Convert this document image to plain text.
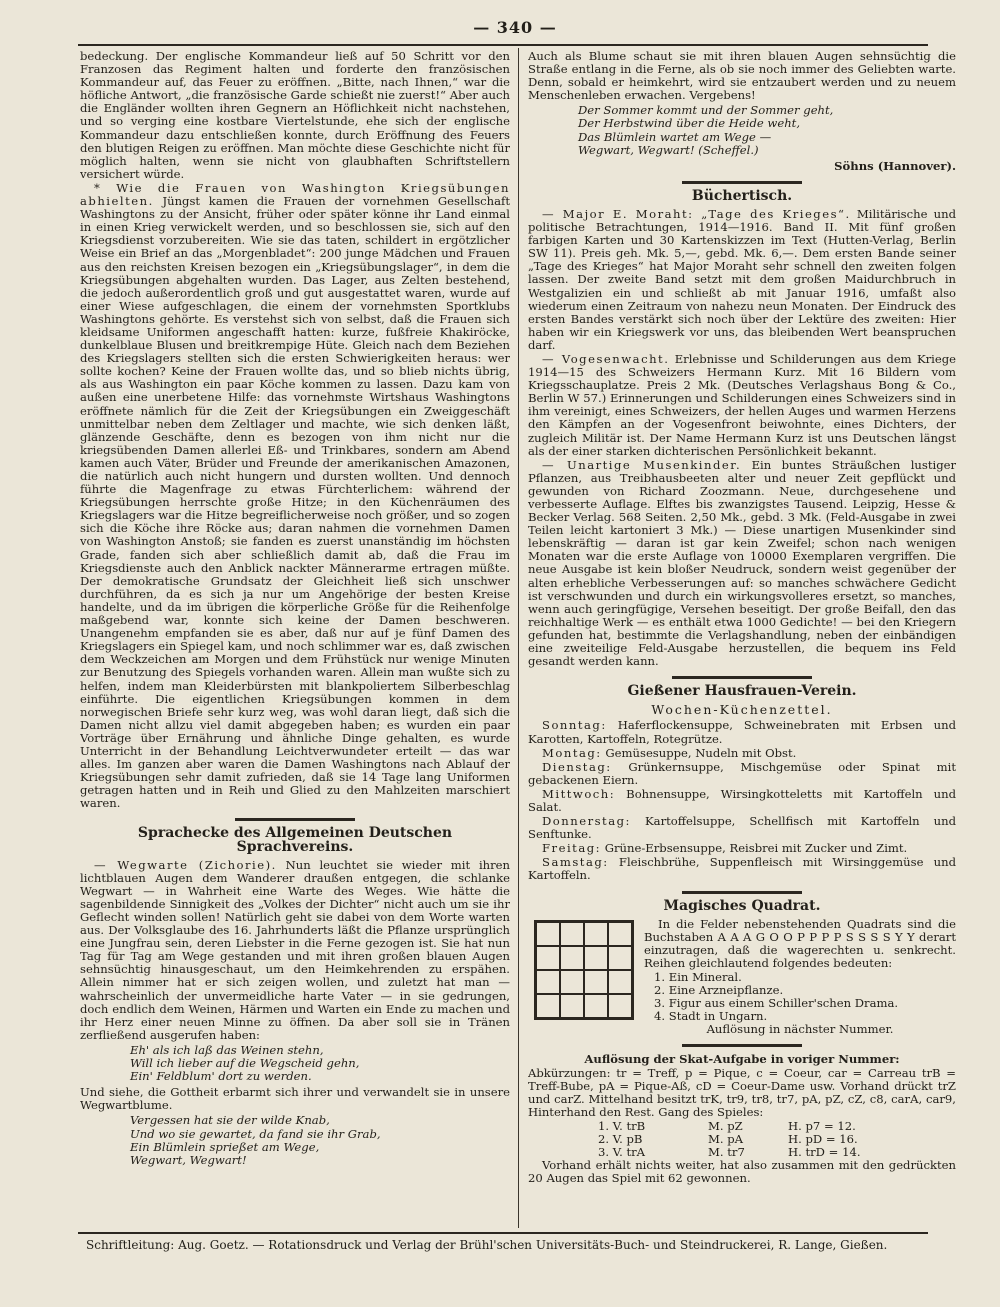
— 340 —

bedeckung. Der englische Kommandeur ließ auf 50 Schritt vor den Franzosen das Regiment halten und forderte den französischen Kommandeur auf, das Feuer zu eröffnen. „Bitte, nach Ihnen,“ war die höfliche Antwort, „die französische Garde schießt nie zuerst!“ Aber auch die Engländer wollten ihren Gegnern an Höflichkeit nicht nachstehen, und so verging eine kostbare Viertelstunde, ehe sich der englische Kommandeur dazu entschließen konnte, durch Eröffnung des Feuers den blutigen Reigen zu eröffnen. Man möchte diese Geschichte nicht für möglich halten, wenn sie nicht von glaubhaften Schriftstellern versichert würde.

* Wie die Frauen von Washington Kriegsübungen abhielten. Jüngst kamen die Frauen der vornehmen Gesellschaft Washingtons zu der Ansicht, früher oder später könne ihr Land einmal in einen Krieg verwickelt werden, und so beschlossen sie, sich auf den Kriegsdienst vorzubereiten. Wie sie das taten, schildert in ergötzlicher Weise ein Brief an das „Morgenbladet“: 200 junge Mädchen und Frauen aus den reichsten Kreisen bezogen ein „Kriegsübungslager“, in dem die Kriegsübungen abgehalten wurden. Das Lager, aus Zelten bestehend, die jedoch außerordentlich groß und gut ausgestattet waren, wurde auf einer Wiese aufgeschlagen, die einem der vornehmsten Sportklubs Washingtons gehörte. Es verstehst sich von selbst, daß die Frauen sich kleidsame Uniformen angeschafft hatten: kurze, fußfreie Khakiröcke, dunkelblaue Blusen und breitkrempige Hüte. Gleich nach dem Beziehen des Kriegslagers stellten sich die ersten Schwierigkeiten heraus: wer sollte kochen? Keine der Frauen wollte das, und so blieb nichts übrig, als aus Washington ein paar Köche kommen zu lassen. Dazu kam von außen eine unerbetene Hilfe: das vornehmste Wirtshaus Washingtons eröffnete nämlich für die Zeit der Kriegsübungen ein Zweiggeschäft unmittelbar neben dem Zeltlager und machte, wie sich denken läßt, glänzende Geschäfte, denn es bezogen von ihm nicht nur die kriegsübenden Damen allerlei Eß- und Trinkbares, sondern am Abend kamen auch Väter, Brüder und Freunde der amerikanischen Amazonen, die natürlich auch nicht hungern und dursten wollten. Und dennoch führte die Magenfrage zu etwas Fürchterlichem: während der Kriegsübungen herrschte große Hitze; in den Küchenräumen des Kriegslagers war die Hitze begreiflicherweise noch größer, und so zogen sich die Köche ihre Röcke aus; daran nahmen die vornehmen Damen von Washington Anstoß; sie fanden es zuerst unanständig im höchsten Grade, fanden sich aber schließlich damit ab, daß die Frau im Kriegsdienste auch den Anblick nackter Männerarme ertragen müßte. Der demokratische Grundsatz der Gleichheit ließ sich unschwer durchführen, da es sich ja nur um Angehörige der besten Kreise handelte, und da im übrigen die körperliche Größe für die Reihenfolge maßgebend war, konnte sich keine der Damen beschweren. Unangenehm empfanden sie es aber, daß nur auf je fünf Damen des Kriegslagers ein Spiegel kam, und noch schlimmer war es, daß zwischen dem Weckzeichen am Morgen und dem Frühstück nur wenige Minuten zur Benutzung des Spiegels vorhanden waren. Allein man wußte sich zu helfen, indem man Kleiderbürsten mit blankpoliertem Silberbeschlag einführte. Die eigentlichen Kriegsübungen kommen in dem norwegischen Briefe sehr kurz weg, was wohl daran liegt, daß sich die Damen nicht allzu viel damit abgegeben haben; es wurden ein paar Vorträge über Ernährung und ähnliche Dinge gehalten, es wurde Unterricht in der Behandlung Leichtverwundeter erteilt — das war alles. Im ganzen aber waren die Damen Washingtons nach Ablauf der Kriegsübungen sehr damit zufrieden, daß sie 14 Tage lang Uniformen getragen hatten und in Reih und Glied zu den Mahlzeiten marschiert waren.

Sprachecke des Allgemeinen Deutschen Sprachvereins.

— Wegwarte (Zichorie). Nun leuchtet sie wieder mit ihren lichtblauen Augen dem Wanderer draußen entgegen, die schlanke Wegwart — in Wahrheit eine Warte des Weges. Wie hätte die sagenbildende Sinnigkeit des „Volkes der Dichter“ nicht auch um sie ihr Geflecht winden sollen! Natürlich geht sie dabei von dem Worte warten aus. Der Volksglaube des 16. Jahrhunderts läßt die Pflanze ursprünglich eine Jungfrau sein, deren Liebster in die Ferne gezogen ist. Sie hat nun Tag für Tag am Wege gestanden und mit ihren großen blauen Augen sehnsüchtig hinausgeschaut, um den Heimkehrenden zu erspähen. Allein nimmer hat er sich zeigen wollen, und zuletzt hat man — wahrscheinlich der unvermeidliche harte Vater — in sie gedrungen, doch endlich dem Weinen, Härmen und Warten ein Ende zu machen und ihr Herz einer neuen Minne zu öffnen. Da aber soll sie in Tränen zerfließend ausgerufen haben:

Eh' als ich laß das Weinen stehn,
Will ich lieber auf die Wegscheid gehn,
Ein' Feldblum' dort zu werden.

Und siehe, die Gottheit erbarmt sich ihrer und verwandelt sie in unsere Wegwartblume.

Vergessen hat sie der wilde Knab,
Und wo sie gewartet, da fand sie ihr Grab,
Ein Blümlein sprießet am Wege,
Wegwart, Wegwart!

Auch als Blume schaut sie mit ihren blauen Augen sehnsüchtig die Straße entlang in die Ferne, als ob sie noch immer des Geliebten warte. Denn, sobald er heimkehrt, wird sie entzaubert werden und zu neuem Menschenleben erwachen. Vergebens!

Der Sommer kommt und der Sommer geht,
Der Herbstwind über die Heide weht,
Das Blümlein wartet am Wege —
Wegwart, Wegwart! (Scheffel.)
Söhns (Hannover).
Büchertisch.

— Major E. Moraht: „Tage des Krieges“. Militärische und politische Betrachtungen, 1914—1916. Band II. Mit fünf großen farbigen Karten und 30 Kartenskizzen im Text (Hutten-Verlag, Berlin SW 11). Preis geh. Mk. 5,—, gebd. Mk. 6,—. Dem ersten Bande seiner „Tage des Krieges“ hat Major Moraht sehr schnell den zweiten folgen lassen. Der zweite Band setzt mit dem großen Maidurchbruch in Westgalizien ein und schließt ab mit Januar 1916, umfaßt also wiederum einen Zeitraum von nahezu neun Monaten. Der Eindruck des ersten Bandes verstärkt sich noch über der Lektüre des zweiten: Hier haben wir ein Kriegswerk vor uns, das bleibenden Wert beanspruchen darf.

— Vogesenwacht. Erlebnisse und Schilderungen aus dem Kriege 1914—15 des Schweizers Hermann Kurz. Mit 16 Bildern vom Kriegsschauplatze. Preis 2 Mk. (Deutsches Verlagshaus Bong & Co., Berlin W 57.) Erinnerungen und Schilderungen eines Schweizers sind in ihm vereinigt, eines Schweizers, der hellen Auges und warmen Herzens den Kämpfen an der Vogesenfront beiwohnte, eines Dichters, der zugleich Militär ist. Der Name Hermann Kurz ist uns Deutschen längst als der einer starken dichterischen Persönlichkeit bekannt.

— Unartige Musenkinder. Ein buntes Sträußchen lustiger Pflanzen, aus Treibhausbeeten alter und neuer Zeit gepflückt und gewunden von Richard Zoozmann. Neue, durchgesehene und verbesserte Auflage. Elftes bis zwanzigstes Tausend. Leipzig, Hesse & Becker Verlag. 568 Seiten. 2,50 Mk., gebd. 3 Mk. (Feld-Ausgabe in zwei Teilen leicht kartoniert 3 Mk.) — Diese unartigen Musenkinder sind lebenskräftig — daran ist gar kein Zweifel; schon nach wenigen Monaten war die erste Auflage von 10000 Exemplaren vergriffen. Die neue Ausgabe ist kein bloßer Neudruck, sondern weist gegenüber der alten erhebliche Verbesserungen auf: so manches schwächere Gedicht ist verschwunden und durch ein wirkungsvolleres ersetzt, so manches, wenn auch geringfügige, Versehen beseitigt. Der große Beifall, den das reichhaltige Werk — es enthält etwa 1000 Gedichte! — bei den Kriegern gefunden hat, bestimmte die Verlagshandlung, neben der einbändigen eine zweiteilige Feld-Ausgabe herzustellen, die bequem ins Feld gesandt werden kann.

Gießener Hausfrauen-Verein.
Wochen-Küchenzettel.

Sonntag: Haferflockensuppe, Schweinebraten mit Erbsen und Karotten, Kartoffeln, Rotegrütze.

Montag: Gemüsesuppe, Nudeln mit Obst.

Dienstag: Grünkernsuppe, Mischgemüse oder Spinat mit gebackenen Eiern.

Mittwoch: Bohnensuppe, Wirsingkotteletts mit Kartoffeln und Salat.

Donnerstag: Kartoffelsuppe, Schellfisch mit Kartoffeln und Senftunke.

Freitag: Grüne-Erbsensuppe, Reisbrei mit Zucker und Zimt.

Samstag: Fleischbrühe, Suppenfleisch mit Wirsinggemüse und Kartoffeln.

Magisches Quadrat.

In die Felder nebenstehenden Quadrats sind die Buchstaben A A A G O O P P P P S S S S Y Y derart einzutragen, daß die wagerechten u. senkrecht. Reihen gleichlautend folgendes bedeuten:

1. Ein Mineral.
2. Eine Arzneipflanze.
3. Figur aus einem Schiller'schen Drama.
4. Stadt in Ungarn.
Auflösung in nächster Nummer.
Auflösung der Skat-Aufgabe in voriger Nummer:

Abkürzungen: tr = Treff, p = Pique, c = Coeur, car = Carreau trB = Treff-Bube, pA = Pique-Aß, cD = Coeur-Dame usw. Vorhand drückt trZ und carZ. Mittelhand besitzt trK, tr9, tr8, tr7, pA, pZ, cZ, c8, carA, car9, Hinterhand den Rest. Gang des Spieles:

1. V. trB	M. pZ	H. p7 = 12.
2. V. pB	M. pA	H. pD = 16.
3. V. trA	M. tr7	H. trD = 14.

Vorhand erhält nichts weiter, hat also zusammen mit den gedrückten 20 Augen das Spiel mit 62 gewonnen.

Schriftleitung: Aug. Goetz. — Rotationsdruck und Verlag der Brühl'schen Universitäts-Buch- und Steindruckerei, R. Lange, Gießen.
